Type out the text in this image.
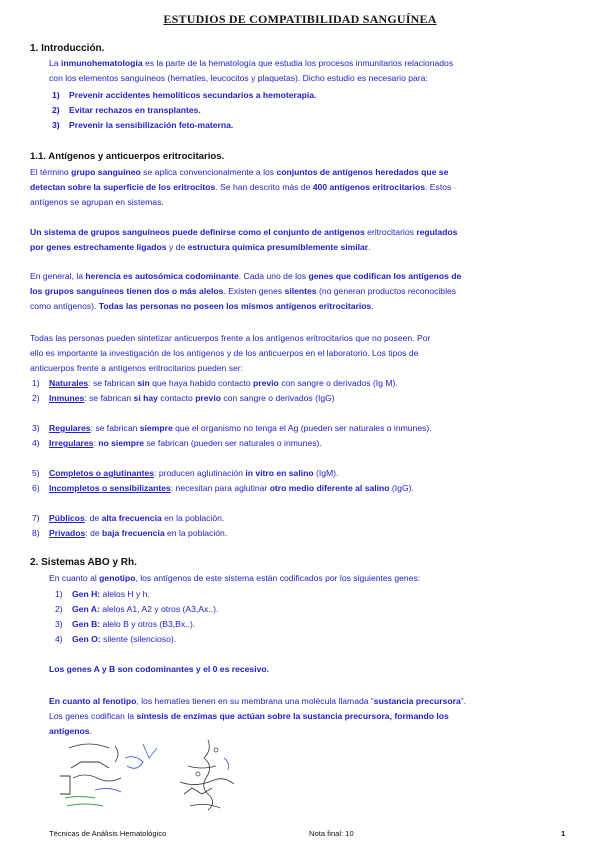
ESTUDIOS DE COMPATIBILIDAD SANGUÍNEA
1. Introducción.
La inmunohematología es la parte de la hematología que estudia los procesos inmunitarios relacionados
con los elementos sanguíneos (hematíes, leucocitos y plaquetas). Dicho estudio es necesario para:
1) Prevenir accidentes hemolíticos secundarios a hemoterapia.
2) Evitar rechazos en transplantes.
3) Prevenir la sensibilización feto-materna.
1.1. Antígenos y anticuerpos eritrocitarios.
El término grupo sanguíneo se aplica convencionalmente a los conjuntos de antígenos heredados que se
detectan sobre la superficie de los eritrocitos. Se han descrito más de 400 antígenos eritrocitarios. Estos
antígenos se agrupan en sistemas.
Un sistema de grupos sanguíneos puede definirse como el conjunto de antígenos eritrocitarios regulados
por genes estrechamente ligados y de estructura química presumiblemente similar.
En general, la herencia es autosómica codominante. Cada uno de los genes que codifican los antígenos de
los grupos sanguíneos tienen dos o más alelos. Existen genes silentes (no generan productos reconocibles
como antígenos). Todas las personas no poseen los mismos antígenos eritrocitarios.
Todas las personas pueden sintetizar anticuerpos frente a los antígenos eritrocitarios que no poseen. Por
ello es importante la investigación de los antígenos y de los anticuerpos en el laboratorio. Los tipos de
anticuerpos frente a antígenos eritrocitarios pueden ser:
1) Naturales: se fabrican sin que haya habido contacto previo con sangre o derivados (Ig M).
2) Inmunes: se fabrican si hay contacto previo con sangre o derivados (IgG)
3) Regulares: se fabrican siempre que el organismo no tenga el Ag (pueden ser naturales o inmunes).
4) Irregulares: no siempre se fabrican (pueden ser naturales o inmunes).
5) Completos o aglutinantes: producen aglutinación in vitro en salino (IgM).
6) Incompletos o sensibilizantes: necesitan para aglutinar otro medio diferente al salino (IgG).
7) Públicos: de alta frecuencia en la población.
8) Privados: de baja frecuencia en la población.
2. Sistemas ABO y Rh.
En cuanto al genotipo, los antígenos de este sistema están codificados por los siguientes genes:
1) Gen H: alelos H y h.
2) Gen A: alelos A1, A2 y otros (A3,Ax..).
3) Gen B: alelo B y otros (B3,Bx..).
4) Gen O: silente (silencioso).
Los genes A y B son codominantes y el 0 es recesivo.
En cuanto al fenotipo, los hematíes tienen en su membrana una molécula llamada “sustancia precursora”.
Los genes codifican la síntesis de enzimas que actúan sobre la sustancia precursora, formando los
antígenos.
Técnicas de Análisis Hematológico	Nota final: 10	1
